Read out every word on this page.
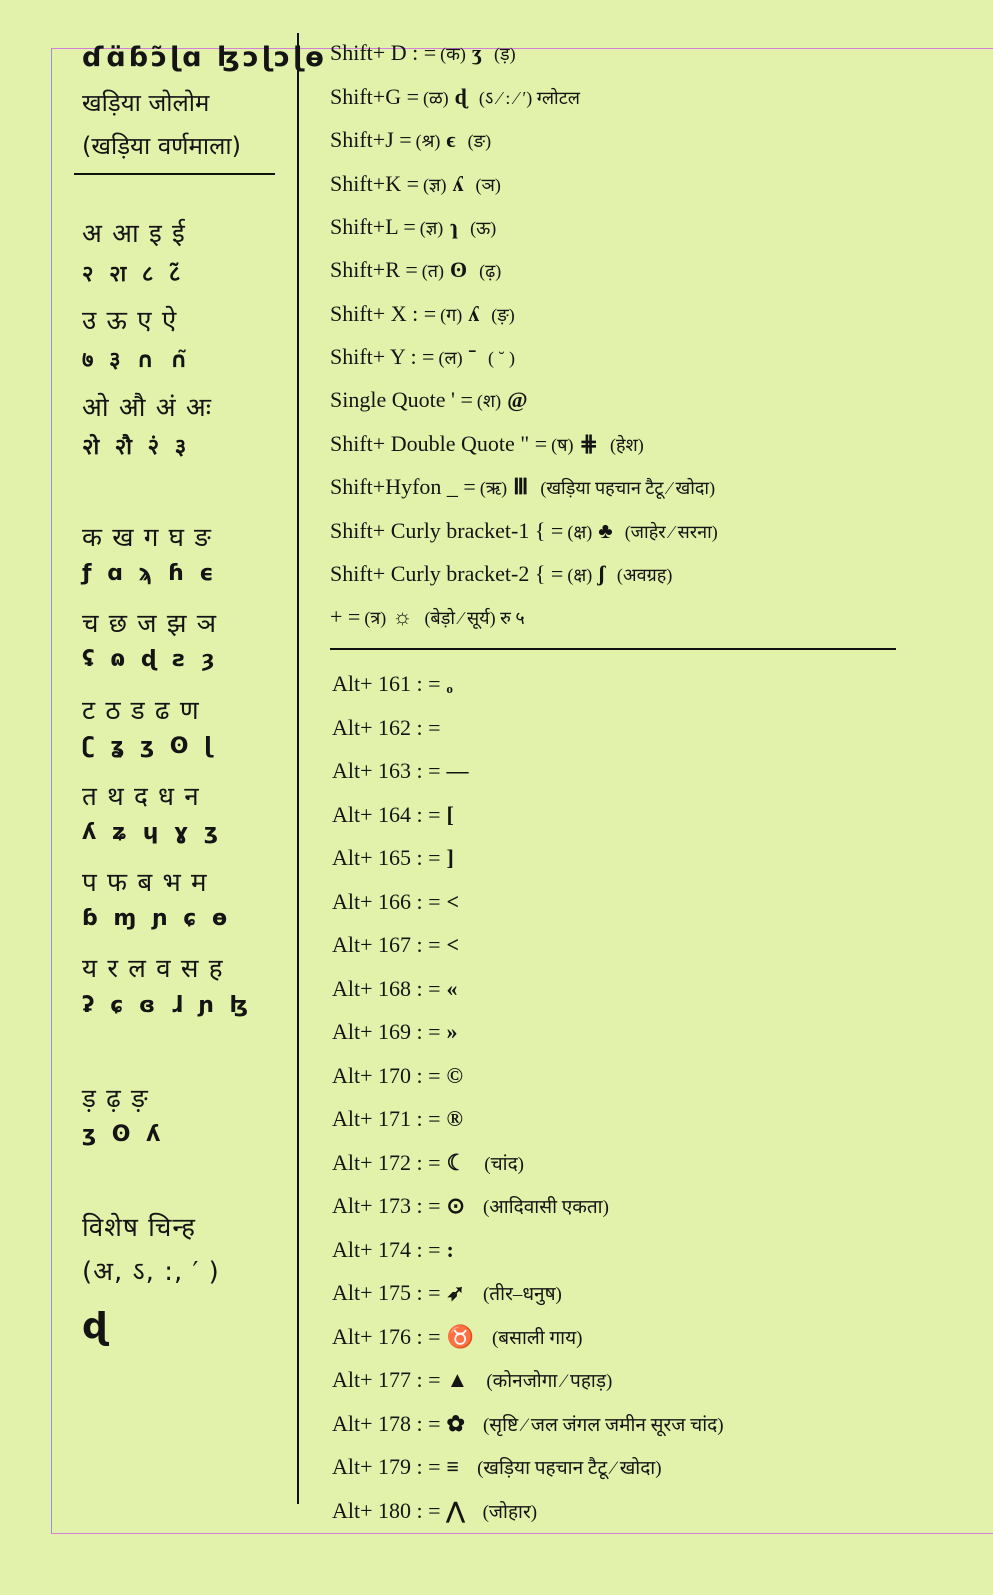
ɗɑ̈ɓɔ̃ɭɑ ɮɔɭɔɭɵ
खड़िया जोलोम
(खड़िया वर्णमाला)
अ आ इ ई
२ २ा ८ ८̃
उ ऊ ए ऐ
७ ३ ∩ ∩̃
ओ औ अं अः
२ो २ौ २ं ३
क ख ग घ ङ
ƒ ɑ ϡ ɦ ϵ
च छ ज झ ञ
ʢ ɷ ɖ ƨ ȝ
ट ठ ड ढ ण
ʗ ʓ ʒ ʘ ɭ
त थ द ध न
ʎ ʑ ɥ ɣ ʒ
प फ ब भ म
ɓ ɱ ɲ ɕ ɵ
य र ल व स ह
ʡ ɕ ɞ ɺ ɲ ɮ
ड़ ढ़ ङ़
ʒ ʘ ʎ
विशेष चिन्ह
(अ, ऽ, :, ′ )
ɖ
Shift+ D : = (क) ʒ (ड़)
Shift+G = (ळ) ɖ (ऽ ⁄ : ⁄ ′) ग्लोटल
Shift+J = (श्र) ϵ (ङ)
Shift+K = (ज्ञ) ʎ (ञ)
Shift+L = (ज्ञ) ɿ (ऊ)
Shift+R = (त) ʘ (ढ़)
Shift+ X : = (ग) ʎ (ङ़)
Shift+ Y : = (ल) ˉ ( ˘ )
Single Quote ' = (श) @
Shift+ Double Quote " = (ष) ⋕ (हेश)
Shift+Hyfon _ = (ऋ) Ⅲ (खड़िया पहचान टैटू ⁄ खोदा)
Shift+ Curly bracket-1 { = (क्ष) ♣ (जाहेर ⁄ सरना)
Shift+ Curly bracket-2 { = (क्ष) ʃ (अवग्रह)
+ = (त्र) ☼ (बेड़ो ⁄ सूर्य) रु ५
Alt+ 161 : = ₒ
Alt+ 162 : =
Alt+ 163 : = —
Alt+ 164 : = [
Alt+ 165 : = ]
Alt+ 166 : = <
Alt+ 167 : = <
Alt+ 168 : = «
Alt+ 169 : = »
Alt+ 170 : = ©
Alt+ 171 : = ®
Alt+ 172 : = ☾ (चांद)
Alt+ 173 : = ⊙ (आदिवासी एकता)
Alt+ 174 : = :
Alt+ 175 : = ➶ (तीर–धनुष)
Alt+ 176 : = ♉ (बसाली गाय)
Alt+ 177 : = ▲ (कोनजोगा ⁄ पहाड़)
Alt+ 178 : = ✿ (सृष्टि ⁄ जल जंगल जमीन सूरज चांद)
Alt+ 179 : = ≡ (खड़िया पहचान टैटू ⁄ खोदा)
Alt+ 180 : = ⋀ (जोहार)
